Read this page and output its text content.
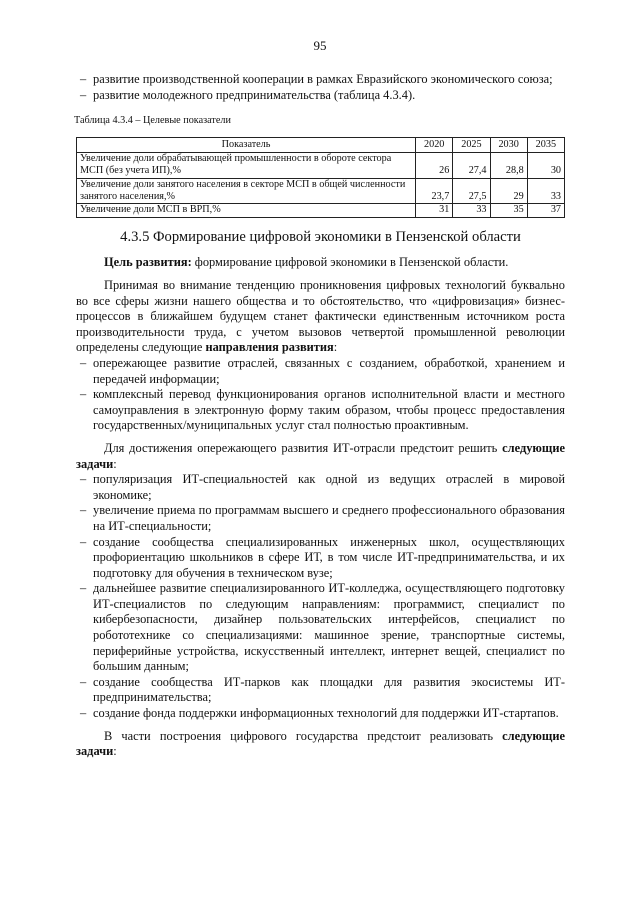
95
– развитие производственной кооперации в рамках Евразийского экономического союза;
– развитие молодежного предпринимательства (таблица 4.3.4).
Таблица 4.3.4 – Целевые показатели
Показатель	2020	2025	2030	2035
Увеличение доли обрабатывающей промышленности в обороте сектора МСП (без учета ИП),%	26	27,4	28,8	30
Увеличение доли занятого населения в секторе МСП в общей численности занятого населения,%	23,7	27,5	29	33
Увеличение доли МСП в ВРП,%	31	33	35	37
4.3.5 Формирование цифровой экономики в Пензенской области

Цель развития: формирование цифровой экономики в Пензенской области.

Принимая во внимание тенденцию проникновения цифровых технологий буквально во все сферы жизни нашего общества и то обстоятельство, что «цифровизация» бизнес-процессов в ближайшем будущем станет фактически единственным источником роста производительности труда, с учетом вызовов четвертой промышленной революции определены следующие направления развития:

– опережающее развитие отраслей, связанных с созданием, обработкой, хранением и передачей информации;
– комплексный перевод функционирования органов исполнительной власти и местного самоуправления в электронную форму таким образом, чтобы процесс предоставления государственных/муниципальных услуг стал полностью проактивным.

Для достижения опережающего развития ИТ-отрасли предстоит решить следующие задачи:

– популяризация ИТ-специальностей как одной из ведущих отраслей в мировой экономике;
– увеличение приема по программам высшего и среднего профессионального образования на ИТ-специальности;
– создание сообщества специализированных инженерных школ, осуществляющих профориентацию школьников в сфере ИТ, в том числе ИТ-предпринимательства, и их подготовку для обучения в техническом вузе;
– дальнейшее развитие специализированного ИТ-колледжа, осуществляющего подготовку ИТ-специалистов по следующим направлениям: программист, специалист по кибербезопасности, дизайнер пользовательских интерфейсов, специалист по робототехнике со специализациями: машинное зрение, транспортные системы, периферийные устройства, искусственный интеллект, интернет вещей, специалист по большим данным;
– создание сообщества ИТ-парков как площадки для развития экосистемы ИТ-предпринимательства;
– создание фонда поддержки информационных технологий для поддержки ИТ-стартапов.

В части построения цифрового государства предстоит реализовать следующие задачи:
